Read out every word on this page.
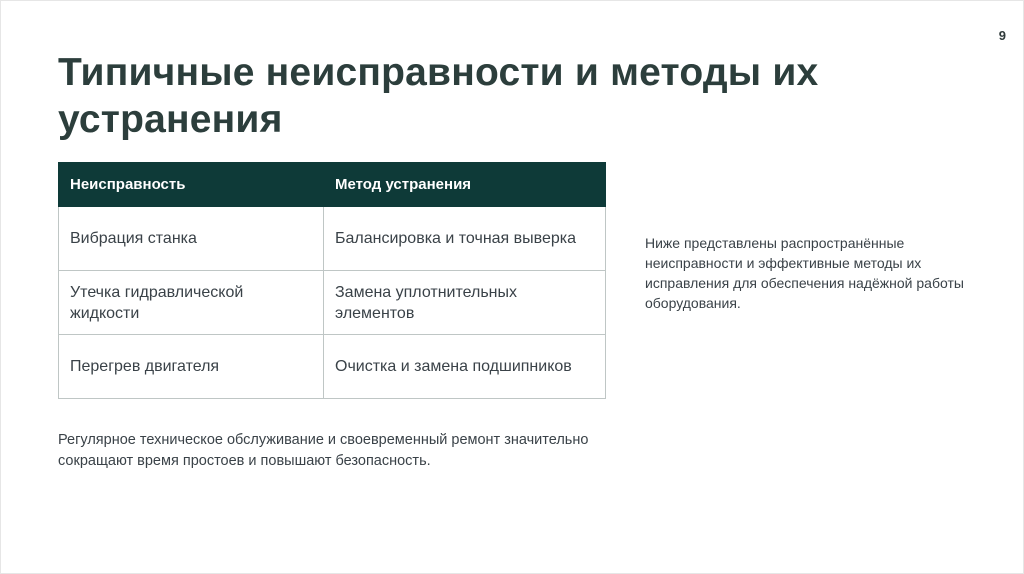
9
Типичные неисправности и методы их устранения
Неисправность	Метод устранения
Вибрация станка	Балансировка и точная выверка
Утечка гидравлической жидкости	Замена уплотнительных элементов
Перегрев двигателя	Очистка и замена подшипников
Ниже представлены распространённые неисправности и эффективные методы их исправления для обеспечения надёжной работы оборудования.
Регулярное техническое обслуживание и своевременный ремонт значительно сокращают время простоев и повышают безопасность.
